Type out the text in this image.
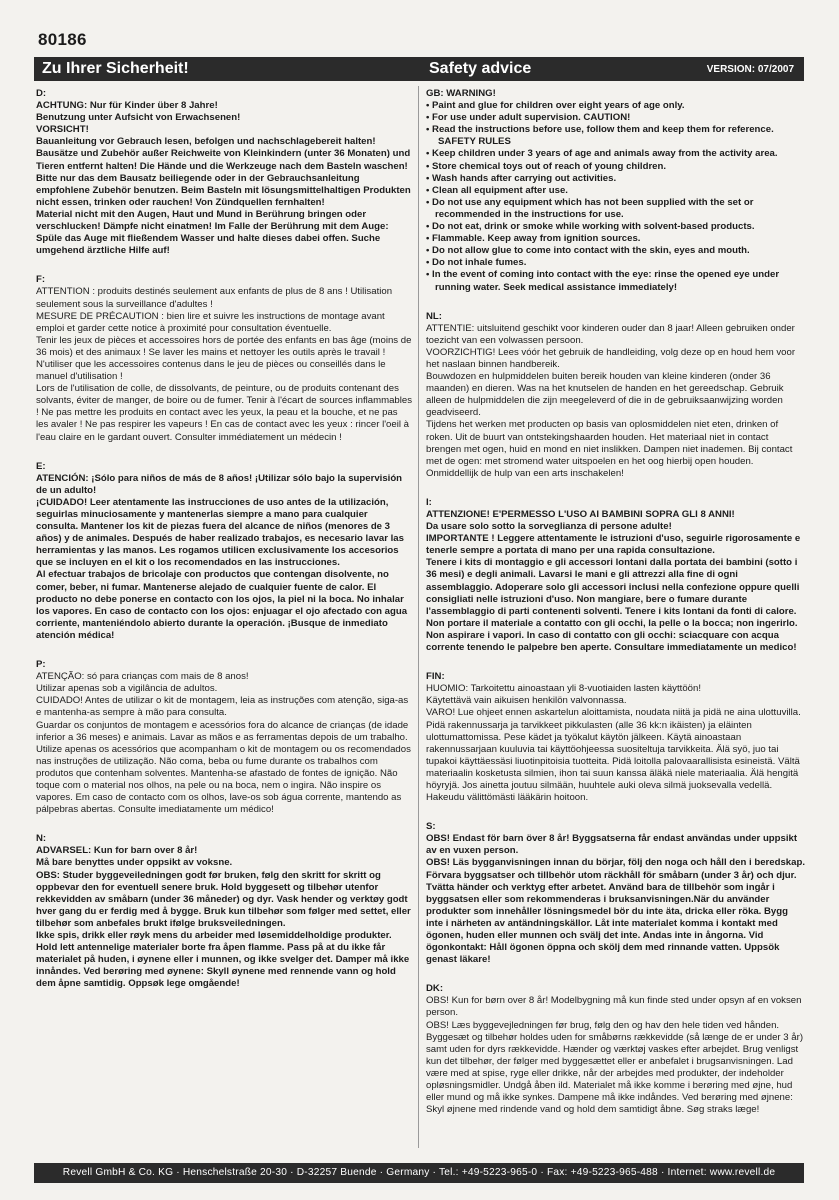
80186
Zu Ihrer Sicherheit!	Safety advice	VERSION: 07/2007
D:

ACHTUNG: Nur für Kinder über 8 Jahre!

Benutzung unter Aufsicht von Erwachsenen!

VORSICHT!

Bauanleitung vor Gebrauch lesen, befolgen und nachschlagebereit halten!

Bausätze und Zubehör außer Reichweite von Kleinkindern (unter 36 Monaten) und Tieren entfernt halten! Die Hände und die Werkzeuge nach dem Basteln waschen!

Bitte nur das dem Bausatz beiliegende oder in der Gebrauchsanleitung empfohlene Zubehör benutzen. Beim Basteln mit lösungsmittelhaltigen Produkten nicht essen, trinken oder rauchen! Von Zündquellen fernhalten!

Material nicht mit den Augen, Haut und Mund in Berührung bringen oder verschlucken! Dämpfe nicht einatmen! Im Falle der Berührung mit dem Auge: Spüle das Auge mit fließendem Wasser und halte dieses dabei offen. Suche umgehend ärztliche Hilfe auf!

F:

ATTENTION : produits destinés seulement aux enfants de plus de 8 ans ! Utilisation seulement sous la surveillance d'adultes !

MESURE DE PRÉCAUTION : bien lire et suivre les instructions de montage avant emploi et garder cette notice à proximité pour consultation éventuelle.

Tenir les jeux de pièces et accessoires hors de portée des enfants en bas âge (moins de 36 mois) et des animaux ! Se laver les mains et nettoyer les outils après le travail ! N'utiliser que les accessoires contenus dans le jeu de pièces ou conseillés dans le manuel d'utilisation !

Lors de l'utilisation de colle, de dissolvants, de peinture, ou de produits contenant des solvants, éviter de manger, de boire ou de fumer. Tenir à l'écart de sources inflammables ! Ne pas mettre les produits en contact avec les yeux, la peau et la bouche, et ne pas les avaler ! Ne pas respirer les vapeurs ! En cas de contact avec les yeux : rincer l'oeil à l'eau claire en le gardant ouvert. Consulter immédiatement un médecin !

E:

ATENCIÓN: ¡Sólo para niños de más de 8 años! ¡Utilizar sólo bajo la supervisión de un adulto!

¡CUIDADO! Leer atentamente las instrucciones de uso antes de la utilización, seguirlas minuciosamente y mantenerlas siempre a mano para cualquier consulta. Mantener los kit de piezas fuera del alcance de niños (menores de 3 años) y de animales. Después de haber realizado trabajos, es necesario lavar las herramientas y las manos. Les rogamos utilicen exclusivamente los accesorios que se incluyen en el kit o los recomendados en las instrucciones.

Al efectuar trabajos de bricolaje con productos que contengan disolvente, no comer, beber, ni fumar. Mantenerse alejado de cualquier fuente de calor. El producto no debe ponerse en contacto con los ojos, la piel ni la boca. No inhalar los vapores. En caso de contacto con los ojos: enjuagar el ojo afectado con agua corriente, manteniéndolo abierto durante la operación. ¡Busque de inmediato atención médica!

P:

ATENÇÃO: só para crianças com mais de 8 anos!

Utilizar apenas sob a vigilância de adultos.

CUIDADO! Antes de utilizar o kit de montagem, leia as instruções com atenção, siga-as e mantenha-as sempre à mão para consulta.

Guardar os conjuntos de montagem e acessórios fora do alcance de crianças (de idade inferior a 36 meses) e animais. Lavar as mãos e as ferramentas depois de um trabalho. Utilize apenas os acessórios que acompanham o kit de montagem ou os recomendados nas instruções de utilização. Não coma, beba ou fume durante os trabalhos com produtos que contenham solventes. Mantenha-se afastado de fontes de ignição. Não toque com o material nos olhos, na pele ou na boca, nem o ingira. Não inspire os vapores. Em caso de contacto com os olhos, lave-os sob água corrente, mantendo as pálpebras abertas. Consulte imediatamente um médico!

N:

ADVARSEL: Kun for barn over 8 år!

Må bare benyttes under oppsikt av voksne.

OBS: Studer byggeveiledningen godt før bruken, følg den skritt for skritt og oppbevar den for eventuell senere bruk. Hold byggesett og tilbehør utenfor rekkevidden av småbarn (under 36 måneder) og dyr. Vask hender og verktøy godt hver gang du er ferdig med å bygge. Bruk kun tilbehør som følger med settet, eller tilbehør som anbefales brukt ifølge bruksveiledningen.

Ikke spis, drikk eller røyk mens du arbeider med løsemiddelholdige produkter. Hold lett antennelige materialer borte fra åpen flamme. Pass på at du ikke får materialet på huden, i øynene eller i munnen, og ikke svelger det. Damper må ikke innåndes. Ved berøring med øynene: Skyll øynene med rennende vann og hold dem åpne samtidig. Oppsøk lege omgående!

GB: WARNING!

• Paint and glue for children over eight years of age only.

• For use under adult supervision. CAUTION!

• Read the instructions before use, follow them and keep them for reference.

SAFETY RULES

• Keep children under 3 years of age and animals away from the activity area.

• Store chemical toys out of reach of young children.

• Wash hands after carrying out activities.

• Clean all equipment after use.

• Do not use any equipment which has not been supplied with the set or recommended in the instructions for use.

• Do not eat, drink or smoke while working with solvent-based products.

• Flammable. Keep away from ignition sources.

• Do not allow glue to come into contact with the skin, eyes and mouth.

• Do not inhale fumes.

• In the event of coming into contact with the eye: rinse the opened eye under running water. Seek medical assistance immediately!

NL:

ATTENTIE: uitsluitend geschikt voor kinderen ouder dan 8 jaar! Alleen gebruiken onder toezicht van een volwassen persoon.

VOORZICHTIG! Lees vóór het gebruik de handleiding, volg deze op en houd hem voor het naslaan binnen handbereik.

Bouwdozen en hulpmiddelen buiten bereik houden van kleine kinderen (onder 36 maanden) en dieren. Was na het knutselen de handen en het gereedschap. Gebruik alleen de hulpmiddelen die zijn meegeleverd of die in de gebruiksaanwijzing worden geadviseerd.

Tijdens het werken met producten op basis van oplosmiddelen niet eten, drinken of roken. Uit de buurt van ontstekingshaarden houden. Het materiaal niet in contact brengen met ogen, huid en mond en niet inslikken. Dampen niet inademen. Bij contact met de ogen: met stromend water uitspoelen en het oog hierbij open houden. Onmiddellijk de hulp van een arts inschakelen!

I:

ATTENZIONE! E'PERMESSO L'USO AI BAMBINI SOPRA GLI 8 ANNI!

Da usare solo sotto la sorveglianza di persone adulte!

IMPORTANTE ! Leggere attentamente le istruzioni d'uso, seguirle rigorosamente e tenerle sempre a portata di mano per una rapida consultazione.

Tenere i kits di montaggio e gli accessori lontani dalla portata dei bambini (sotto i 36 mesi) e degli animali. Lavarsi le mani e gli attrezzi alla fine di ogni assemblaggio. Adoperare solo gli accessori inclusi nella confezione oppure quelli consigliati nelle istruzioni d'uso. Non mangiare, bere o fumare durante l'assemblaggio di parti contenenti solventi. Tenere i kits lontani da fonti di calore. Non portare il materiale a contatto con gli occhi, la pelle o la bocca; non ingerirlo. Non aspirare i vapori. In caso di contatto con gli occhi: sciacquare con acqua corrente tenendo le palpebre ben aperte. Consultare immediatamente un medico!

FIN:

HUOMIO: Tarkoitettu ainoastaan yli 8-vuotiaiden lasten käyttöön!

Käytettävä vain aikuisen henkilön valvonnassa.

VARO! Lue ohjeet ennen askartelun aloittamista, noudata niitä ja pidä ne aina ulottuvilla. Pidä rakennussarja ja tarvikkeet pikkulasten (alle 36 kk:n ikäisten) ja eläinten ulottumattomissa. Pese kädet ja työkalut käytön jälkeen. Käytä ainoastaan rakennussarjaan kuuluvia tai käyttöohjeessa suositeltuja tarvikkeita. Älä syö, juo tai tupakoi käyttäessäsi liuotinpitoisia tuotteita. Pidä loitolla palovaarallisista esineistä. Vältä materiaalin kosketusta silmien, ihon tai suun kanssa äläkä niele materiaalia. Älä hengitä höyryjä. Jos ainetta joutuu silmään, huuhtele auki oleva silmä juoksevalla vedellä. Hakeudu välittömästi lääkärin hoitoon.

S:

OBS! Endast för barn över 8 år! Byggsatserna får endast användas under uppsikt av en vuxen person.

OBS! Läs bygganvisningen innan du börjar, följ den noga och håll den i beredskap. Förvara byggsatser och tillbehör utom räckhåll för småbarn (under 3 år) och djur. Tvätta händer och verktyg efter arbetet. Använd bara de tillbehör som ingår i byggsatsen eller som rekommenderas i bruksanvisningen.När du använder produkter som innehåller lösningsmedel bör du inte äta, dricka eller röka. Bygg inte i närheten av antändningskällor. Låt inte materialet komma i kontakt med ögonen, huden eller munnen och svälj det inte. Andas inte in ångorna. Vid ögonkontakt: Håll ögonen öppna och skölj dem med rinnande vatten. Uppsök genast läkare!

DK:

OBS! Kun for børn over 8 år! Modelbygning må kun finde sted under opsyn af en voksen person.

OBS! Læs byggevejledningen før brug, følg den og hav den hele tiden ved hånden. Byggesæt og tilbehør holdes uden for småbørns rækkevidde (så længe de er under 3 år) samt uden for dyrs rækkevidde. Hænder og værktøj vaskes efter arbejdet. Brug venligst kun det tilbehør, der følger med byggesættet eller er anbefalet i brugsanvisningen. Lad være med at spise, ryge eller drikke, når der arbejdes med produkter, der indeholder opløsningsmidler. Undgå åben ild. Materialet må ikke komme i berøring med øjne, hud eller mund og må ikke synkes. Dampene må ikke indåndes. Ved berøring med øjnene: Skyl øjnene med rindende vand og hold dem samtidigt åbne. Søg straks læge!

Revell GmbH & Co. KG · Henschelstraße 20-30 · D-32257 Buende · Germany · Tel.: +49-5223-965-0 · Fax: +49-5223-965-488 · Internet: www.revell.de
